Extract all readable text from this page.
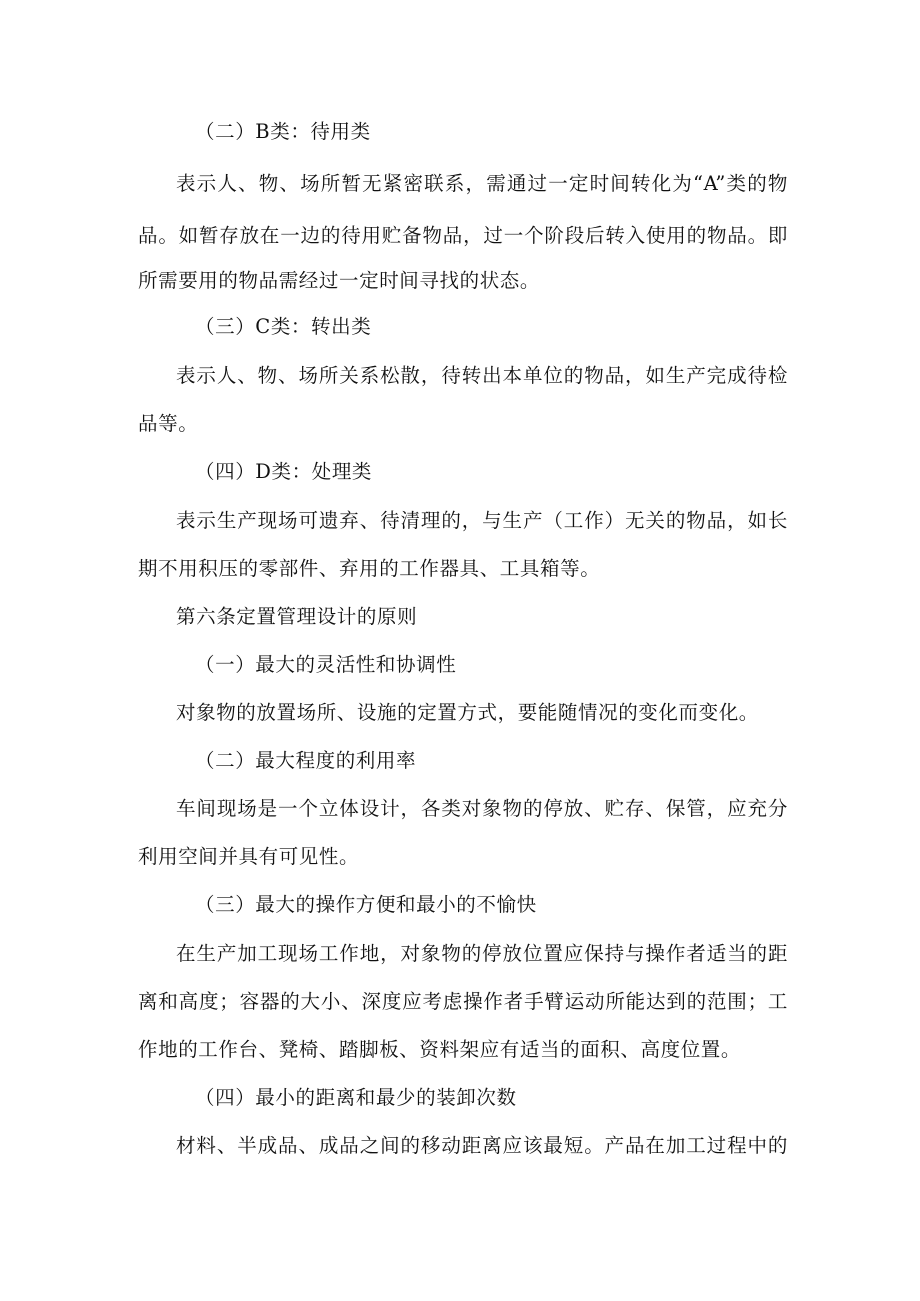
（二）B类：待用类
表示人、物、场所暂无紧密联系，需通过一定时间转化为“A”类的物
品。如暂存放在一边的待用贮备物品，过一个阶段后转入使用的物品。即
所需要用的物品需经过一定时间寻找的状态。
（三）C类：转出类
表示人、物、场所关系松散，待转出本单位的物品，如生产完成待检
品等。
（四）D类：处理类
表示生产现场可遗弃、待清理的，与生产（工作）无关的物品，如长
期不用积压的零部件、弃用的工作器具、工具箱等。
第六条定置管理设计的原则
（一）最大的灵活性和协调性
对象物的放置场所、设施的定置方式，要能随情况的变化而变化。
（二）最大程度的利用率
车间现场是一个立体设计，各类对象物的停放、贮存、保管，应充分
利用空间并具有可见性。
（三）最大的操作方便和最小的不愉快
在生产加工现场工作地，对象物的停放位置应保持与操作者适当的距
离和高度；容器的大小、深度应考虑操作者手臂运动所能达到的范围；工
作地的工作台、凳椅、踏脚板、资料架应有适当的面积、高度位置。
（四）最小的距离和最少的装卸次数
材料、半成品、成品之间的移动距离应该最短。产品在加工过程中的
